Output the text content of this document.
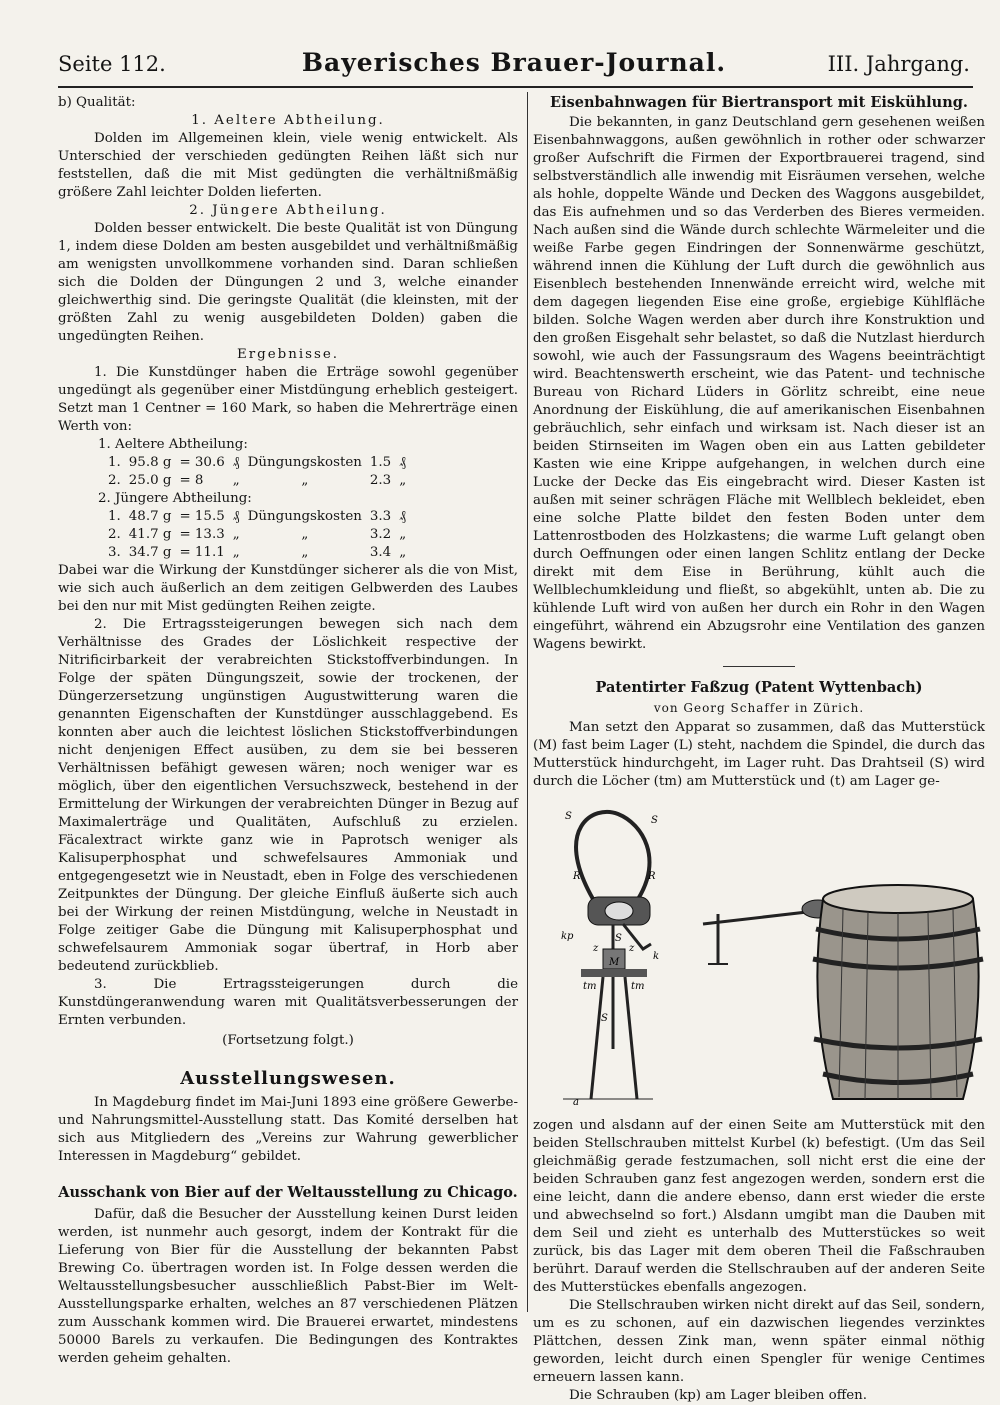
Seite 112.	Bayerisches Brauer-Journal.	III. Jahrgang.

b) Qualität:

1. Aeltere Abtheilung.

Dolden im Allgemeinen klein, viele wenig entwickelt. Als Unterschied der verschieden gedüngten Reihen läßt sich nur feststellen, daß die mit Mist gedüngten die verhältnißmäßig größere Zahl leichter Dolden lieferten.

2. Jüngere Abtheilung.

Dolden besser entwickelt. Die beste Qualität ist von Düngung 1, indem diese Dolden am besten ausgebildet und verhältnißmäßig am wenigsten unvollkommene vorhanden sind. Daran schließen sich die Dolden der Düngungen 2 und 3, welche einander gleichwerthig sind. Die geringste Qualität (die kleinsten, mit der größten Zahl zu wenig ausgebildeten Dolden) gaben die ungedüngten Reihen.

Ergebnisse.

1. Die Kunstdünger haben die Erträge sowohl gegenüber ungedüngt als gegenüber einer Mistdüngung erheblich gesteigert. Setzt man 1 Centner = 160 Mark, so haben die Mehrerträge einen Werth von:

1. Aeltere Abtheilung:

1.	95.8 g	= 30.6	₰	Düngungskosten	1.5	₰
2.	25.0 g	= 8	„	„	2.3	„

2. Jüngere Abtheilung:

1.	48.7 g	= 15.5	₰	Düngungskosten	3.3	₰
2.	41.7 g	= 13.3	„	„	3.2	„
3.	34.7 g	= 11.1	„	„	3.4	„

Dabei war die Wirkung der Kunstdünger sicherer als die von Mist, wie sich auch äußerlich an dem zeitigen Gelbwerden des Laubes bei den nur mit Mist gedüngten Reihen zeigte.

2. Die Ertragssteigerungen bewegen sich nach dem Verhältnisse des Grades der Löslichkeit respective der Nitrificirbarkeit der verabreichten Stickstoffverbindungen. In Folge der späten Düngungszeit, sowie der trockenen, der Düngerzersetzung ungünstigen Augustwitterung waren die genannten Eigenschaften der Kunstdünger ausschlaggebend. Es konnten aber auch die leichtest löslichen Stickstoffverbindungen nicht denjenigen Effect ausüben, zu dem sie bei besseren Verhältnissen befähigt gewesen wären; noch weniger war es möglich, über den eigentlichen Versuchszweck, bestehend in der Ermittelung der Wirkungen der verabreichten Dünger in Bezug auf Maximalerträge und Qualitäten, Aufschluß zu erzielen. Fäcalextract wirkte ganz wie in Paprotsch weniger als Kalisuperphosphat und schwefelsaures Ammoniak und entgegengesetzt wie in Neustadt, eben in Folge des verschiedenen Zeitpunktes der Düngung. Der gleiche Einfluß äußerte sich auch bei der Wirkung der reinen Mistdüngung, welche in Neustadt in Folge zeitiger Gabe die Düngung mit Kalisuperphosphat und schwefelsaurem Ammoniak sogar übertraf, in Horb aber bedeutend zurückblieb.

3. Die Ertragssteigerungen durch die Kunstdüngeranwendung waren mit Qualitätsverbesserungen der Ernten verbunden.

(Fortsetzung folgt.)

Ausstellungswesen.

In Magdeburg findet im Mai-Juni 1893 eine größere Gewerbe- und Nahrungsmittel-Ausstellung statt. Das Komité derselben hat sich aus Mitgliedern des „Vereins zur Wahrung gewerblicher Interessen in Magdeburg“ gebildet.

Ausschank von Bier auf der Weltausstellung zu Chicago.

Dafür, daß die Besucher der Ausstellung keinen Durst leiden werden, ist nunmehr auch gesorgt, indem der Kontrakt für die Lieferung von Bier für die Ausstellung der bekannten Pabst Brewing Co. übertragen worden ist. In Folge dessen werden die Weltausstellungsbesucher ausschließlich Pabst-Bier im Welt-Ausstellungsparke erhalten, welches an 87 verschiedenen Plätzen zum Ausschank kommen wird. Die Brauerei erwartet, mindestens 50000 Barels zu verkaufen. Die Bedingungen des Kontraktes werden geheim gehalten.

Eisenbahnwagen für Biertransport mit Eiskühlung.

Die bekannten, in ganz Deutschland gern gesehenen weißen Eisenbahnwaggons, außen gewöhnlich in rother oder schwarzer großer Aufschrift die Firmen der Exportbrauerei tragend, sind selbstverständlich alle inwendig mit Eisräumen versehen, welche als hohle, doppelte Wände und Decken des Waggons ausgebildet, das Eis aufnehmen und so das Verderben des Bieres vermeiden. Nach außen sind die Wände durch schlechte Wärmeleiter und die weiße Farbe gegen Eindringen der Sonnenwärme geschützt, während innen die Kühlung der Luft durch die gewöhnlich aus Eisenblech bestehenden Innenwände erreicht wird, welche mit dem dagegen liegenden Eise eine große, ergiebige Kühlfläche bilden. Solche Wagen werden aber durch ihre Konstruktion und den großen Eisgehalt sehr belastet, so daß die Nutzlast hierdurch sowohl, wie auch der Fassungsraum des Wagens beeinträchtigt wird. Beachtenswerth erscheint, wie das Patent- und technische Bureau von Richard Lüders in Görlitz schreibt, eine neue Anordnung der Eiskühlung, die auf amerikanischen Eisenbahnen gebräuchlich, sehr einfach und wirksam ist. Nach dieser ist an beiden Stirnseiten im Wagen oben ein aus Latten gebildeter Kasten wie eine Krippe aufgehangen, in welchen durch eine Lucke der Decke das Eis eingebracht wird. Dieser Kasten ist außen mit seiner schrägen Fläche mit Wellblech bekleidet, eben eine solche Platte bildet den festen Boden unter dem Lattenrostboden des Holzkastens; die warme Luft gelangt oben durch Oeffnungen oder einen langen Schlitz entlang der Decke direkt mit dem Eise in Berührung, kühlt auch die Wellblechumkleidung und fließt, so abgekühlt, unten ab. Die zu kühlende Luft wird von außen her durch ein Rohr in den Wagen eingeführt, während ein Abzugsrohr eine Ventilation des ganzen Wagens bewirkt.

Patentirter Faßzug (Patent Wyttenbach)
von Georg Schaffer in Zürich.

Man setzt den Apparat so zusammen, daß das Mutterstück (M) fast beim Lager (L) steht, nachdem die Spindel, die durch das Mutterstück hindurchgeht, im Lager ruht. Das Drahtseil (S) wird durch die Löcher (tm) am Mutterstück und (t) am Lager ge-

S	S
R	R
kp	S
k
z	z
M
tm	tm
S
a

zogen und alsdann auf der einen Seite am Mutterstück mit den beiden Stellschrauben mittelst Kurbel (k) befestigt. (Um das Seil gleichmäßig gerade festzumachen, soll nicht erst die eine der beiden Schrauben ganz fest angezogen werden, sondern erst die eine leicht, dann die andere ebenso, dann erst wieder die erste und abwechselnd so fort.) Alsdann umgibt man die Dauben mit dem Seil und zieht es unterhalb des Mutterstückes so weit zurück, bis das Lager mit dem oberen Theil die Faßschrauben berührt. Darauf werden die Stellschrauben auf der anderen Seite des Mutterstückes ebenfalls angezogen.

Die Stellschrauben wirken nicht direkt auf das Seil, sondern, um es zu schonen, auf ein dazwischen liegendes verzinktes Plättchen, dessen Zink man, wenn später einmal nöthig geworden, leicht durch einen Spengler für wenige Centimes erneuern lassen kann.

Die Schrauben (kp) am Lager bleiben offen.
